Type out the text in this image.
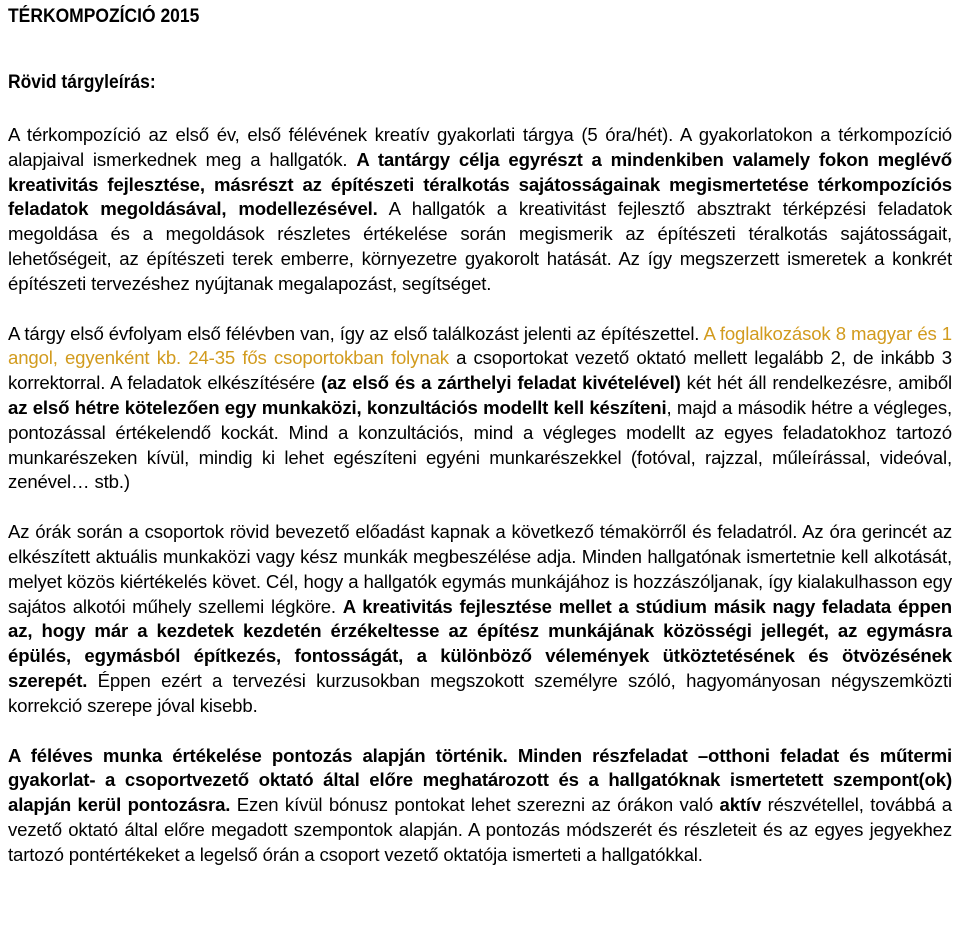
TÉRKOMPOZÍCIÓ 2015
Rövid tárgyleírás:

A térkompozíció az első év, első félévének kreatív gyakorlati tárgya (5 óra/hét). A gyakorlatokon a térkompozíció alapjaival ismerkednek meg a hallgatók. A tantárgy célja egyrészt a mindenkiben valamely fokon meglévő kreativitás fejlesztése, másrészt az építészeti téralkotás sajátosságainak megismertetése térkompozíciós feladatok megoldásával, modellezésével. A hallgatók a kreativitást fejlesztő absztrakt térképzési feladatok megoldása és a megoldások részletes értékelése során megismerik az építészeti téralkotás sajátosságait, lehetőségeit, az építészeti terek emberre, környezetre gyakorolt hatását. Az így megszerzett ismeretek a konkrét építészeti tervezéshez nyújtanak megalapozást, segítséget.

A tárgy első évfolyam első félévben van, így az első találkozást jelenti az építészettel. A foglalkozások 8 magyar és 1 angol, egyenként kb. 24-35 fős csoportokban folynak a csoportokat vezető oktató mellett legalább 2, de inkább 3 korrektorral. A feladatok elkészítésére (az első és a zárthelyi feladat kivételével) két hét áll rendelkezésre, amiből az első hétre kötelezően egy munkaközi, konzultációs modellt kell készíteni, majd a második hétre a végleges, pontozással értékelendő kockát. Mind a konzultációs, mind a végleges modellt az egyes feladatokhoz tartozó munkarészeken kívül, mindig ki lehet egészíteni egyéni munkarészekkel (fotóval, rajzzal, műleírással, videóval, zenével… stb.)

Az órák során a csoportok rövid bevezető előadást kapnak a következő témakörről és feladatról. Az óra gerincét az elkészített aktuális munkaközi vagy kész munkák megbeszélése adja. Minden hallgatónak ismertetnie kell alkotását, melyet közös kiértékelés követ. Cél, hogy a hallgatók egymás munkájához is hozzászóljanak, így kialakulhasson egy sajátos alkotói műhely szellemi légköre. A kreativitás fejlesztése mellet a stúdium másik nagy feladata éppen az, hogy már a kezdetek kezdetén érzékeltesse az építész munkájának közösségi jellegét, az egymásra épülés, egymásból építkezés, fontosságát, a különböző vélemények ütköztetésének és ötvözésének szerepét. Éppen ezért a tervezési kurzusokban megszokott személyre szóló, hagyományosan négyszemközti korrekció szerepe jóval kisebb.

A féléves munka értékelése pontozás alapján történik. Minden részfeladat –otthoni feladat és műtermi gyakorlat- a csoportvezető oktató által előre meghatározott és a hallgatóknak ismertetett szempont(ok) alapján kerül pontozásra. Ezen kívül bónusz pontokat lehet szerezni az órákon való aktív részvétellel, továbbá a vezető oktató által előre megadott szempontok alapján. A pontozás módszerét és részleteit és az egyes jegyekhez tartozó pontértékeket a legelső órán a csoport vezető oktatója ismerteti a hallgatókkal.
